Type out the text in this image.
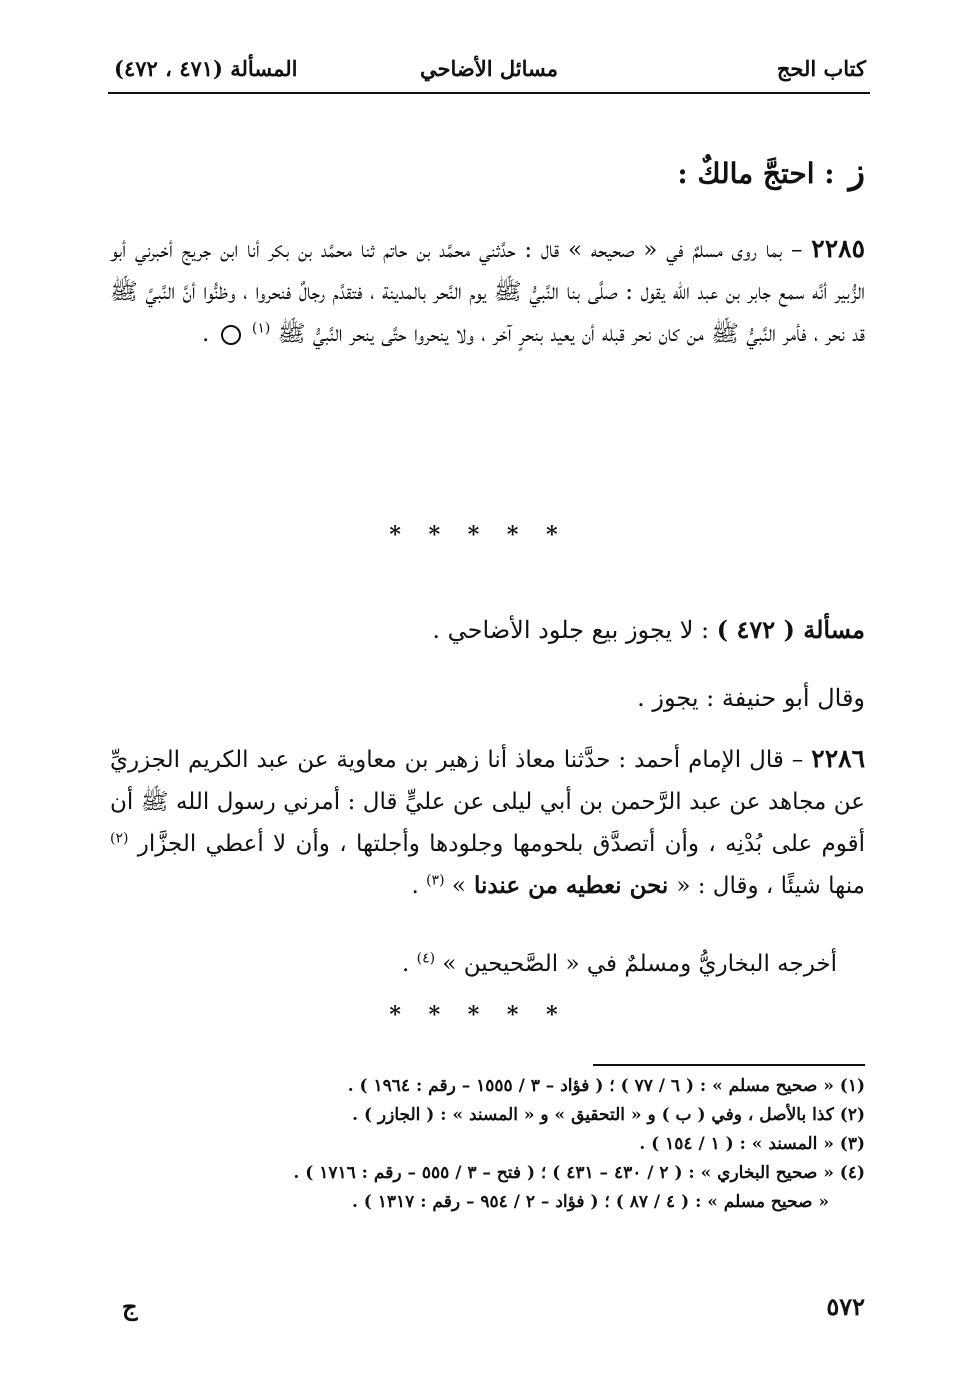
كتاب الحج
مسائل الأضاحي
المسألة (٤٧١ ، ٤٧٢)
ز: احتجَّ مالكٌ :
٢٢٨٥ – بما روى مسلمٌ في « صحيحه » قال : حدَّثني محمَّد بن حاتم ثنا محمَّد بن بكر أنا ابن جريج أخبرني أبو الزُّبير أنَّه سمع جابر بن عبد الله يقول : صلَّى بنا النَّبيُّ ﷺ يوم النَّحر بالمدينة ، فتقدَّم رجالٌ فنحروا ، وظنُّوا أنَّ النَّبيَّ ﷺ قد نحر ، فأمر النَّبيُّ ﷺ من كان نحر قبله أن يعيد بنحرٍ آخر ، ولا ينحروا حتَّى ينحر النَّبيُّ ﷺ $^{(١)}$  .
* * * * *
مسألة ( ٤٧٢ ) : لا يجوز بيع جلود الأضاحي .
وقال أبو حنيفة : يجوز .
٢٢٨٦ – قال الإمام أحمد : حدَّثنا معاذ أنا زهير بن معاوية عن عبد الكريم الجزريِّ عن مجاهد عن عبد الرَّحمن بن أبي ليلى عن عليٍّ قال : أمرني رسول الله ﷺ أن أقوم على بُدْنِه ، وأن أتصدَّق بلحومها وجلودها وأجلتها ، وأن لا أعطي الجزَّار $^{(٢)}$ منها شيئًا ، وقال : « نحن نعطيه من عندنا » $^{(٣)}$ .
أخرجه البخاريُّ ومسلمٌ في « الصَّحيحين » $^{(٤)}$ .
* * * * *
(١) « صحيح مسلم » : ( ٦ / ٧٧ ) ؛ ( فؤاد – ٣ / ١٥٥٥ – رقم : ١٩٦٤ ) .
(٢) كذا بالأصل ، وفي ( ب ) و « التحقيق » و « المسند » : ( الجازر ) .
(٣) « المسند » : ( ١ / ١٥٤ ) .
(٤) « صحيح البخاري » : ( ٢ / ٤٣٠ – ٤٣١ ) ؛ ( فتح – ٣ / ٥٥٥ – رقم : ١٧١٦ ) .
« صحيح مسلم » : ( ٤ / ٨٧ ) ؛ ( فؤاد – ٢ / ٩٥٤ – رقم : ١٣١٧ ) .
٥٧٢
ج
